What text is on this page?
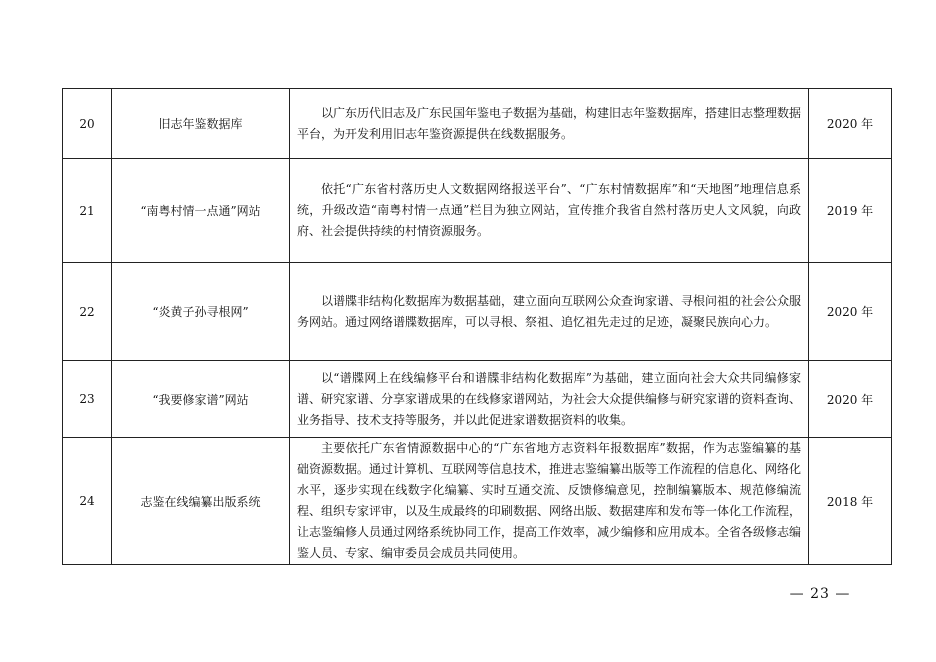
20	旧志年鉴数据库	以广东历代旧志及广东民国年鉴电子数据为基础，构建旧志年鉴数据库，搭建旧志整理数据平台，为开发利用旧志年鉴资源提供在线数据服务。	2020 年
21	“南粤村情一点通”网站	依托“广东省村落历史人文数据网络报送平台”、“广东村情数据库”和“天地图”地理信息系统，升级改造“南粤村情一点通”栏目为独立网站，宣传推介我省自然村落历史人文风貌，向政府、社会提供持续的村情资源服务。	2019 年
22	“炎黄子孙寻根网”	以谱牒非结构化数据库为数据基础，建立面向互联网公众查询家谱、寻根问祖的社会公众服务网站。通过网络谱牒数据库，可以寻根、祭祖、追忆祖先走过的足迹，凝聚民族向心力。	2020 年
23	“我要修家谱”网站	以“谱牒网上在线编修平台和谱牒非结构化数据库”为基础，建立面向社会大众共同编修家谱、研究家谱、分享家谱成果的在线修家谱网站，为社会大众提供编修与研究家谱的资料查询、业务指导、技术支持等服务，并以此促进家谱数据资料的收集。	2020 年
24	志鉴在线编纂出版系统	主要依托广东省情源数据中心的“广东省地方志资料年报数据库”数据，作为志鉴编纂的基础资源数据。通过计算机、互联网等信息技术，推进志鉴编纂出版等工作流程的信息化、网络化水平，逐步实现在线数字化编纂、实时互通交流、反馈修编意见，控制编纂版本、规范修编流程、组织专家评审，以及生成最终的印刷数据、网络出版、数据建库和发布等一体化工作流程，让志鉴编修人员通过网络系统协同工作，提高工作效率，减少编修和应用成本。全省各级修志编鉴人员、专家、编审委员会成员共同使用。	2018 年
— 23 —
